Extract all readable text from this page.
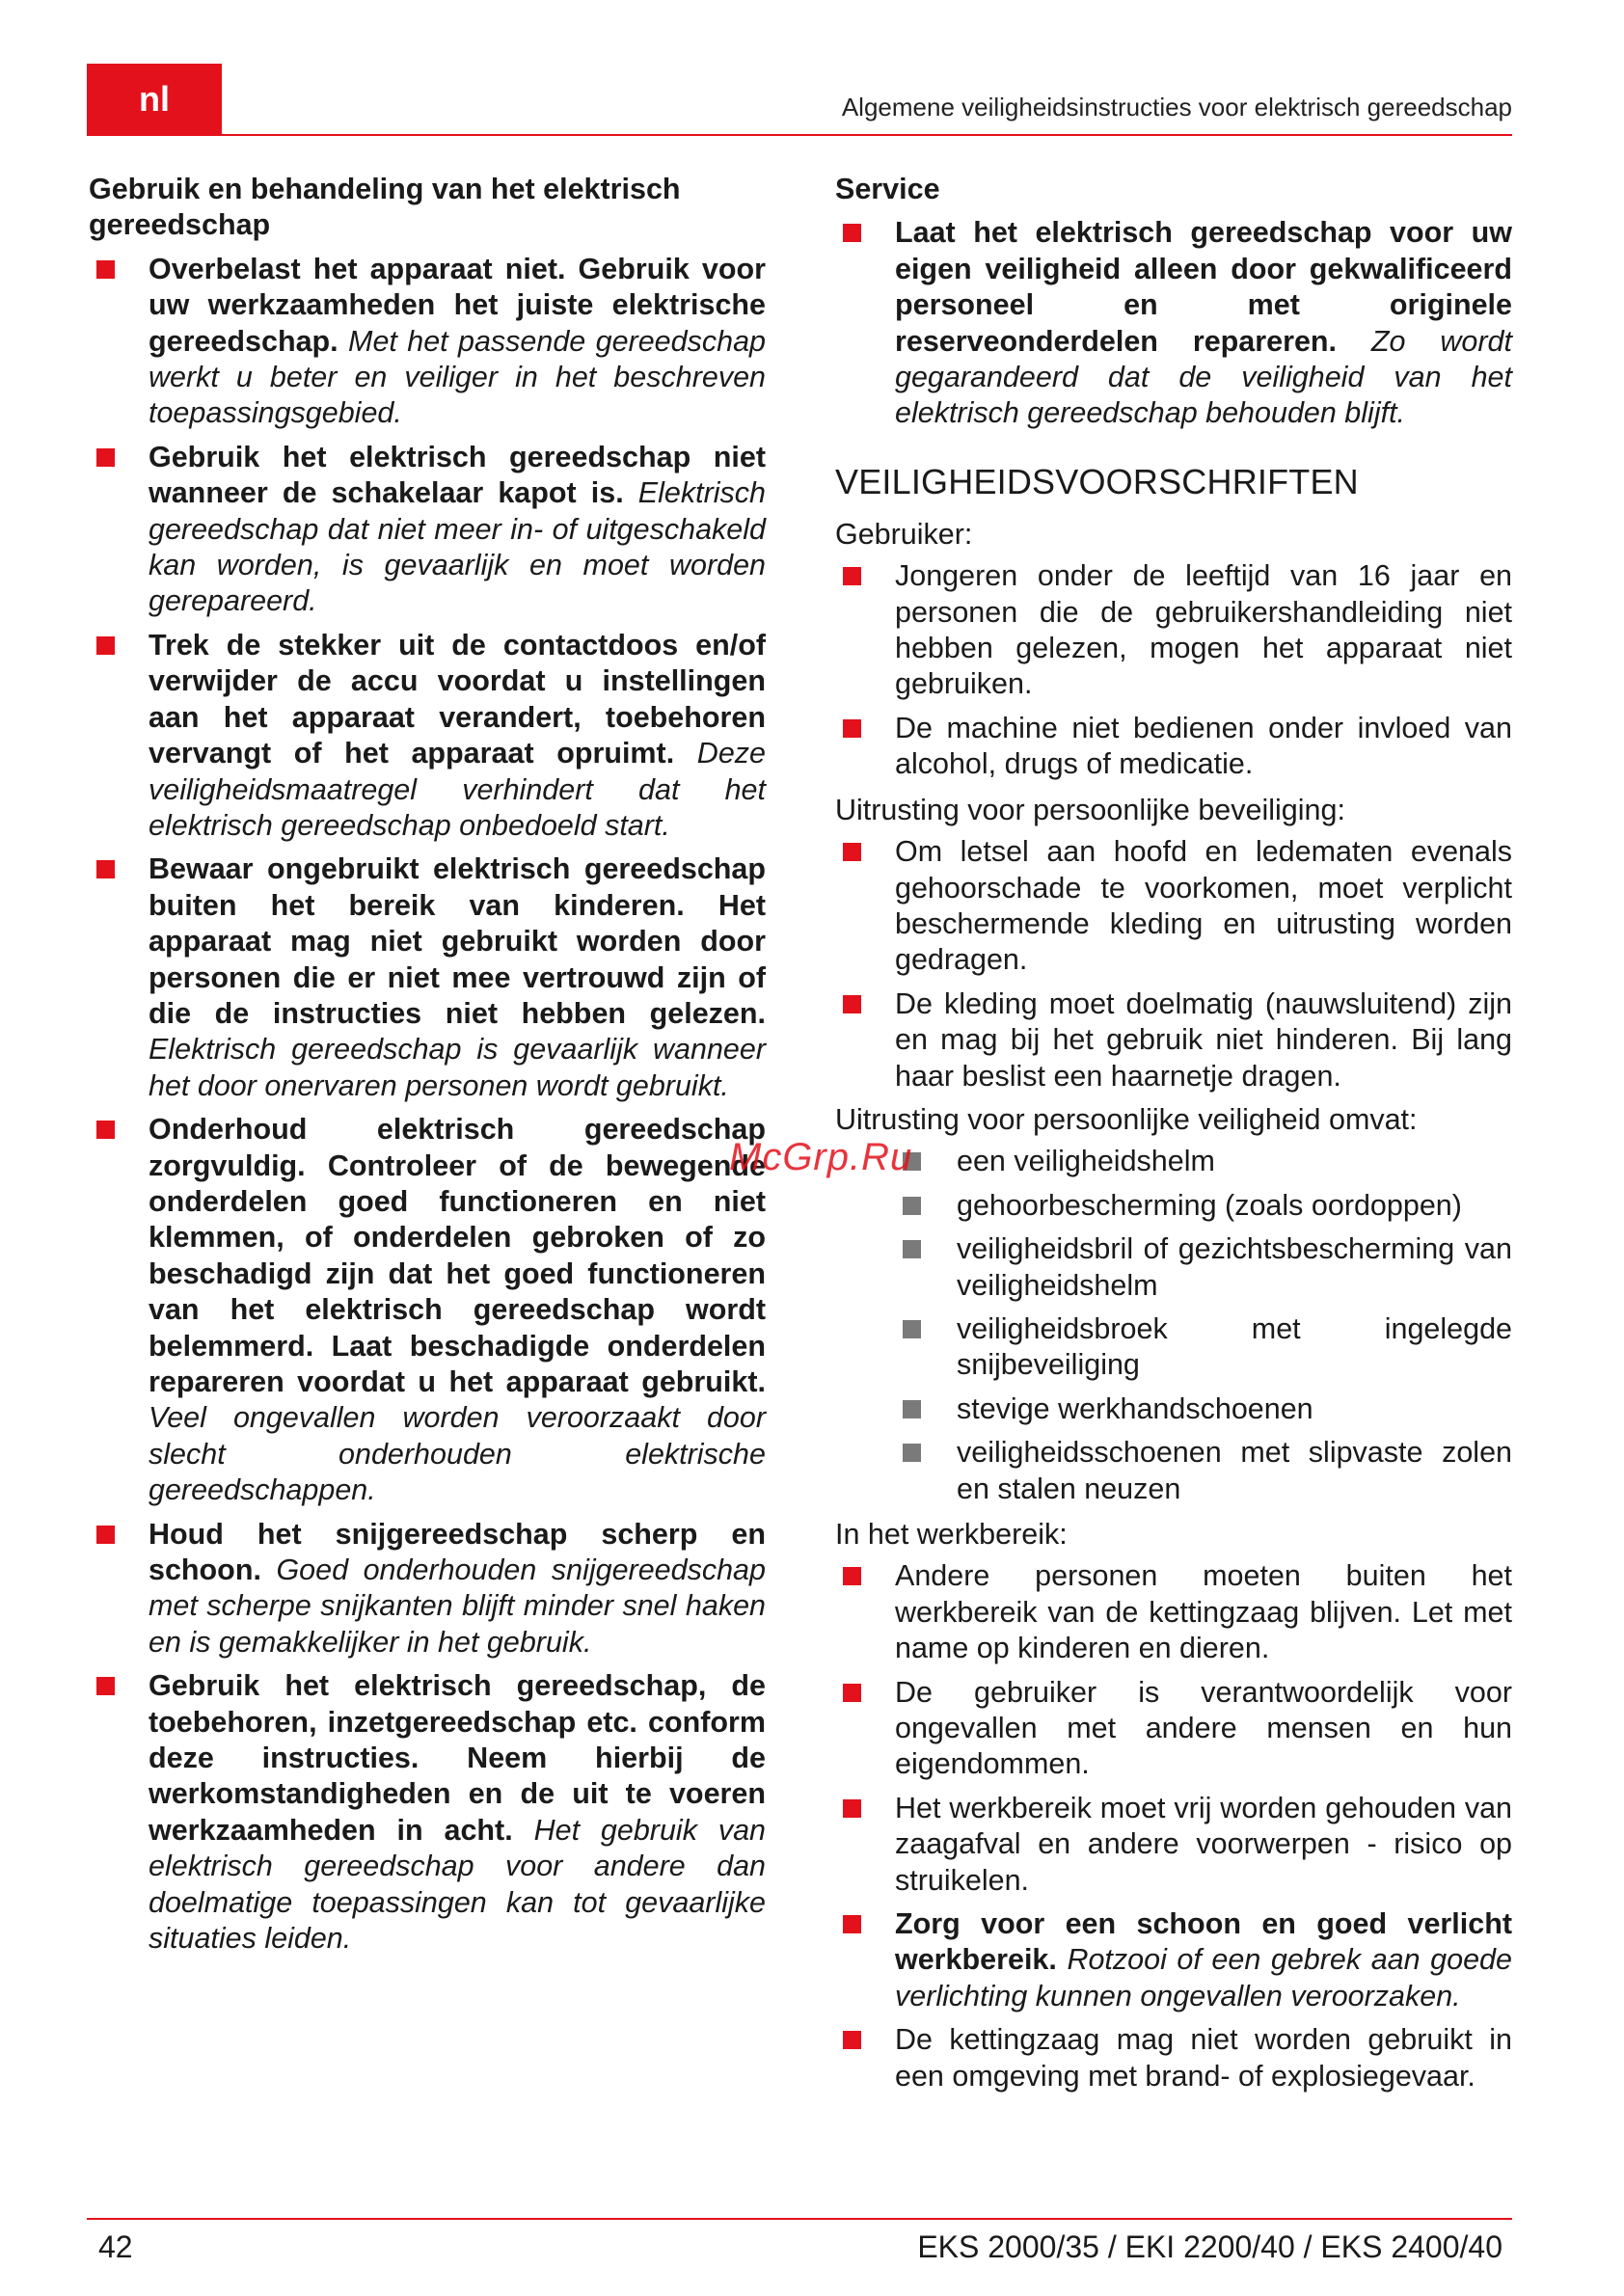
nl	Algemene veiligheidsinstructies voor elektrisch gereedschap
Gebruik en behandeling van het elektrisch gereedschap
Overbelast het apparaat niet. Gebruik voor uw werkzaamheden het juiste elektrische gereedschap. Met het passende gereedschap werkt u beter en veiliger in het beschreven toepassingsgebied.
Gebruik het elektrisch gereedschap niet wanneer de schakelaar kapot is. Elektrisch gereedschap dat niet meer in- of uitgeschakeld kan worden, is gevaarlijk en moet worden gerepareerd.
Trek de stekker uit de contactdoos en/of verwijder de accu voordat u instellingen aan het apparaat verandert, toebehoren vervangt of het apparaat opruimt. Deze veiligheidsmaatregel verhindert dat het elektrisch gereedschap onbedoeld start.
Bewaar ongebruikt elektrisch gereedschap buiten het bereik van kinderen. Het apparaat mag niet gebruikt worden door personen die er niet mee vertrouwd zijn of die de instructies niet hebben gelezen. Elektrisch gereedschap is gevaarlijk wanneer het door onervaren personen wordt gebruikt.
Onderhoud elektrisch gereedschap zorgvuldig. Controleer of de bewegende onderdelen goed functioneren en niet klemmen, of onderdelen gebroken of zo beschadigd zijn dat het goed functioneren van het elektrisch gereedschap wordt belemmerd. Laat beschadigde onderdelen repareren voordat u het apparaat gebruikt. Veel ongevallen worden veroorzaakt door slecht onderhouden elektrische gereedschappen.
Houd het snijgereedschap scherp en schoon. Goed onderhouden snijgereedschap met scherpe snijkanten blijft minder snel haken en is gemakkelijker in het gebruik.
Gebruik het elektrisch gereedschap, de toebehoren, inzetgereedschap etc. conform deze instructies. Neem hierbij de werkomstandigheden en de uit te voeren werkzaamheden in acht. Het gebruik van elektrisch gereedschap voor andere dan doelmatige toepassingen kan tot gevaarlijke situaties leiden.
Service
Laat het elektrisch gereedschap voor uw eigen veiligheid alleen door gekwalificeerd personeel en met originele reserveonderdelen repareren. Zo wordt gegarandeerd dat de veiligheid van het elektrisch gereedschap behouden blijft.
VEILIGHEIDSVOORSCHRIFTEN
Gebruiker:
Jongeren onder de leeftijd van 16 jaar en personen die de gebruikershandleiding niet hebben gelezen, mogen het apparaat niet gebruiken.
De machine niet bedienen onder invloed van alcohol, drugs of medicatie.
Uitrusting voor persoonlijke beveiliging:
Om letsel aan hoofd en ledematen evenals gehoorschade te voorkomen, moet verplicht beschermende kleding en uitrusting worden gedragen.
De kleding moet doelmatig (nauwsluitend) zijn en mag bij het gebruik niet hinderen. Bij lang haar beslist een haarnetje dragen.
Uitrusting voor persoonlijke veiligheid omvat:
een veiligheidshelm
gehoorbescherming (zoals oordoppen)
veiligheidsbril of gezichtsbescherming van veiligheidshelm
veiligheidsbroek met ingelegde snijbeveiliging
stevige werkhandschoenen
veiligheidsschoenen met slipvaste zolen en stalen neuzen
In het werkbereik:
Andere personen moeten buiten het werkbereik van de kettingzaag blijven. Let met name op kinderen en dieren.
De gebruiker is verantwoordelijk voor ongevallen met andere mensen en hun eigendommen.
Het werkbereik moet vrij worden gehouden van zaagafval en andere voorwerpen - risico op struikelen.
Zorg voor een schoon en goed verlicht werkbereik. Rotzooi of een gebrek aan goede verlichting kunnen ongevallen veroorzaken.
De kettingzaag mag niet worden gebruikt in een omgeving met brand- of explosiegevaar.
McGrp.Ru
42	EKS 2000/35 / EKI 2200/40 / EKS 2400/40
